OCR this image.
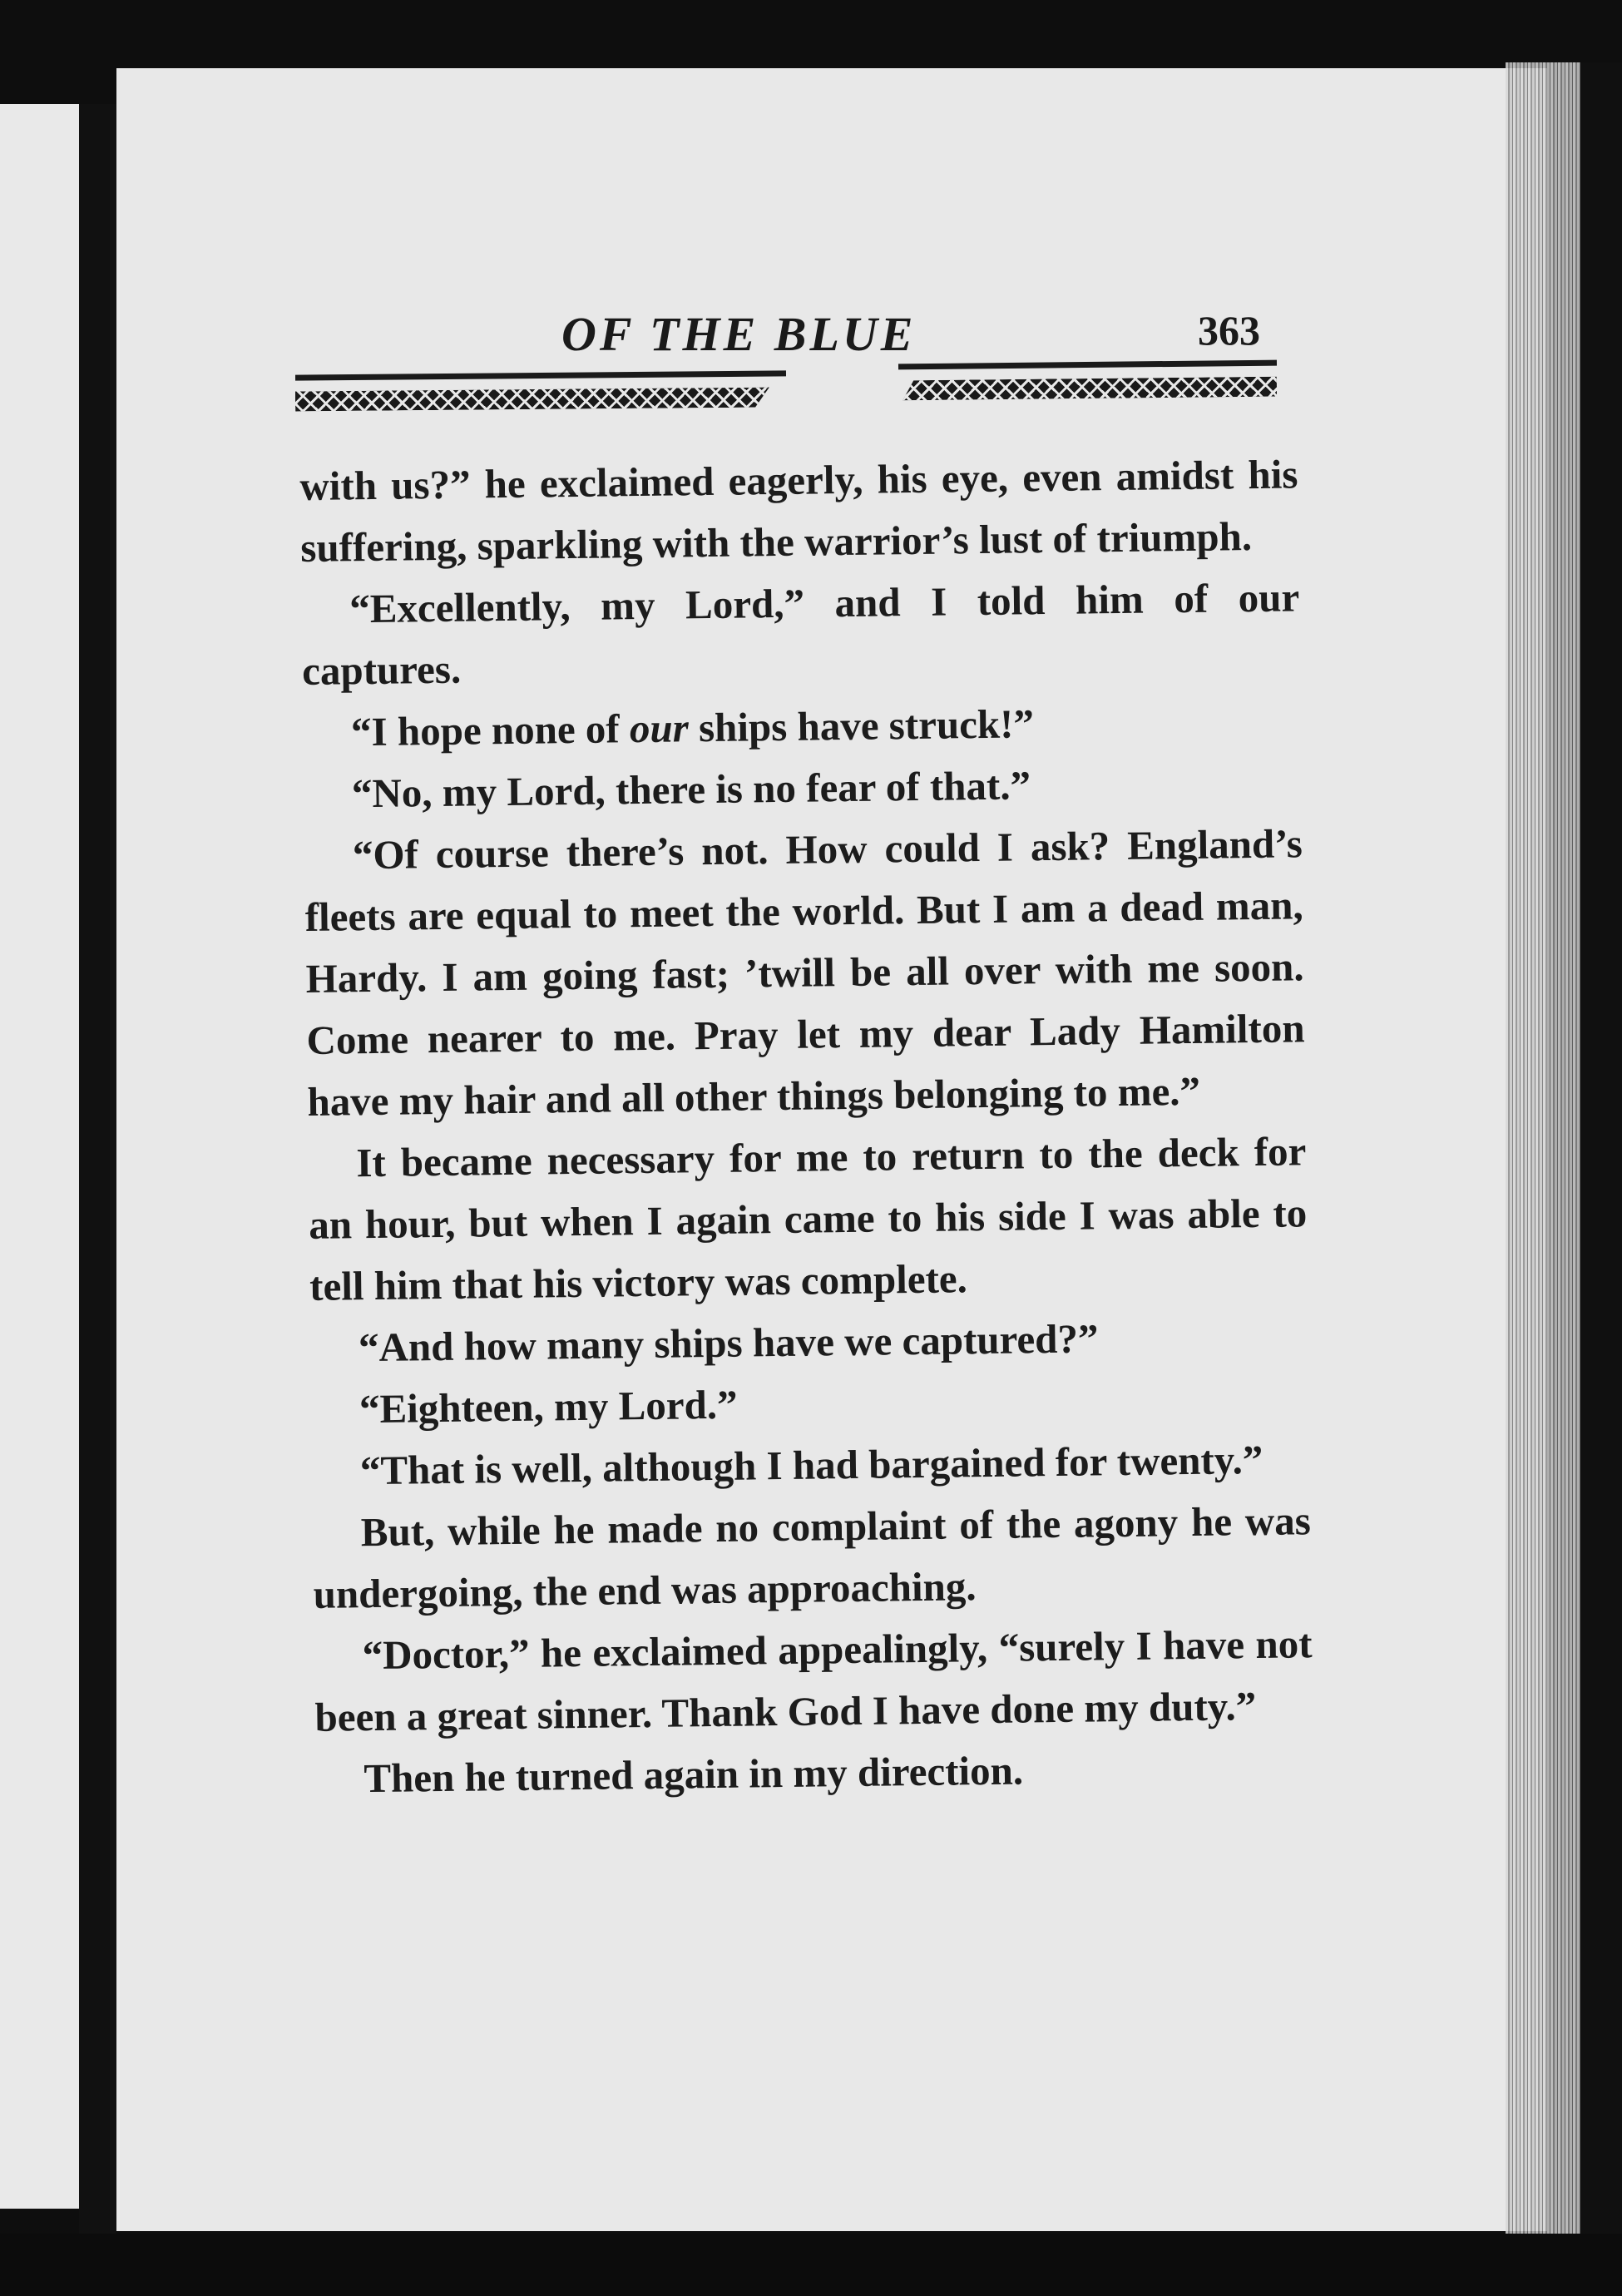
OF THE BLUE	363

with us?” he exclaimed eagerly, his eye, even amidst his suffering, sparkling with the warrior’s lust of triumph.

“Excellently, my Lord,” and I told him of our captures.

“I hope none of our ships have struck!”

“No, my Lord, there is no fear of that.”

“Of course there’s not. How could I ask? England’s fleets are equal to meet the world. But I am a dead man, Hardy. I am going fast; ’twill be all over with me soon. Come nearer to me. Pray let my dear Lady Hamilton have my hair and all other things belonging to me.”

It became necessary for me to return to the deck for an hour, but when I again came to his side I was able to tell him that his victory was complete.

“And how many ships have we captured?”

“Eighteen, my Lord.”

“That is well, although I had bargained for twenty.”

But, while he made no complaint of the agony he was undergoing, the end was approaching.

“Doctor,” he exclaimed appealingly, “surely I have not been a great sinner. Thank God I have done my duty.”

Then he turned again in my direction.
